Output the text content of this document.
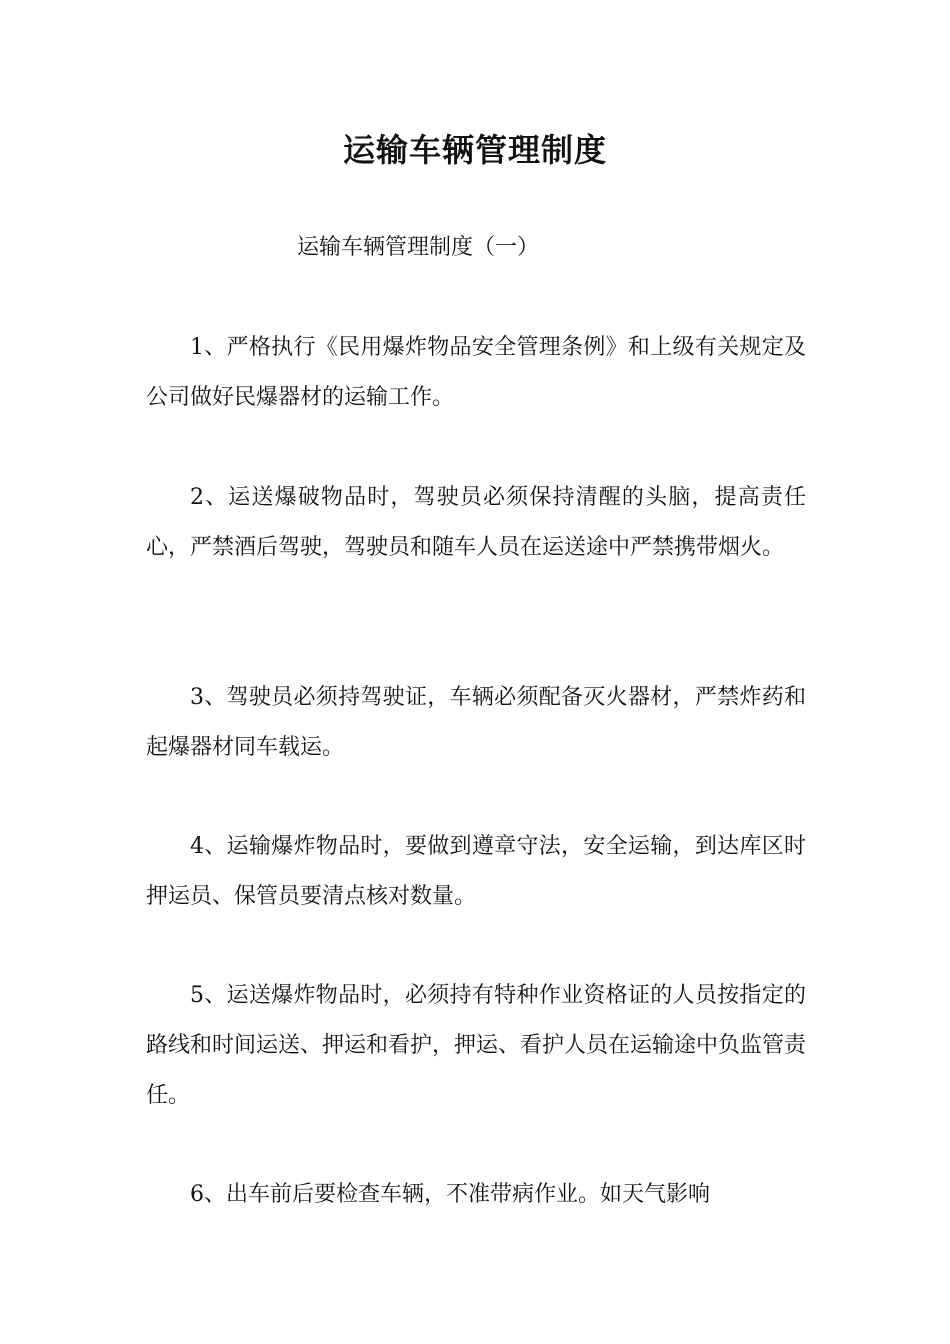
运输车辆管理制度

运输车辆管理制度（一）

1、严格执行《民用爆炸物品安全管理条例》和上级有关规定及公司做好民爆器材的运输工作。

2、运送爆破物品时，驾驶员必须保持清醒的头脑，提高责任心，严禁酒后驾驶，驾驶员和随车人员在运送途中严禁携带烟火。

3、驾驶员必须持驾驶证，车辆必须配备灭火器材，严禁炸药和起爆器材同车载运。

4、运输爆炸物品时，要做到遵章守法，安全运输，到达库区时押运员、保管员要清点核对数量。

5、运送爆炸物品时，必须持有特种作业资格证的人员按指定的路线和时间运送、押运和看护，押运、看护人员在运输途中负监管责任。

6、出车前后要检查车辆，不准带病作业。如天气影响
